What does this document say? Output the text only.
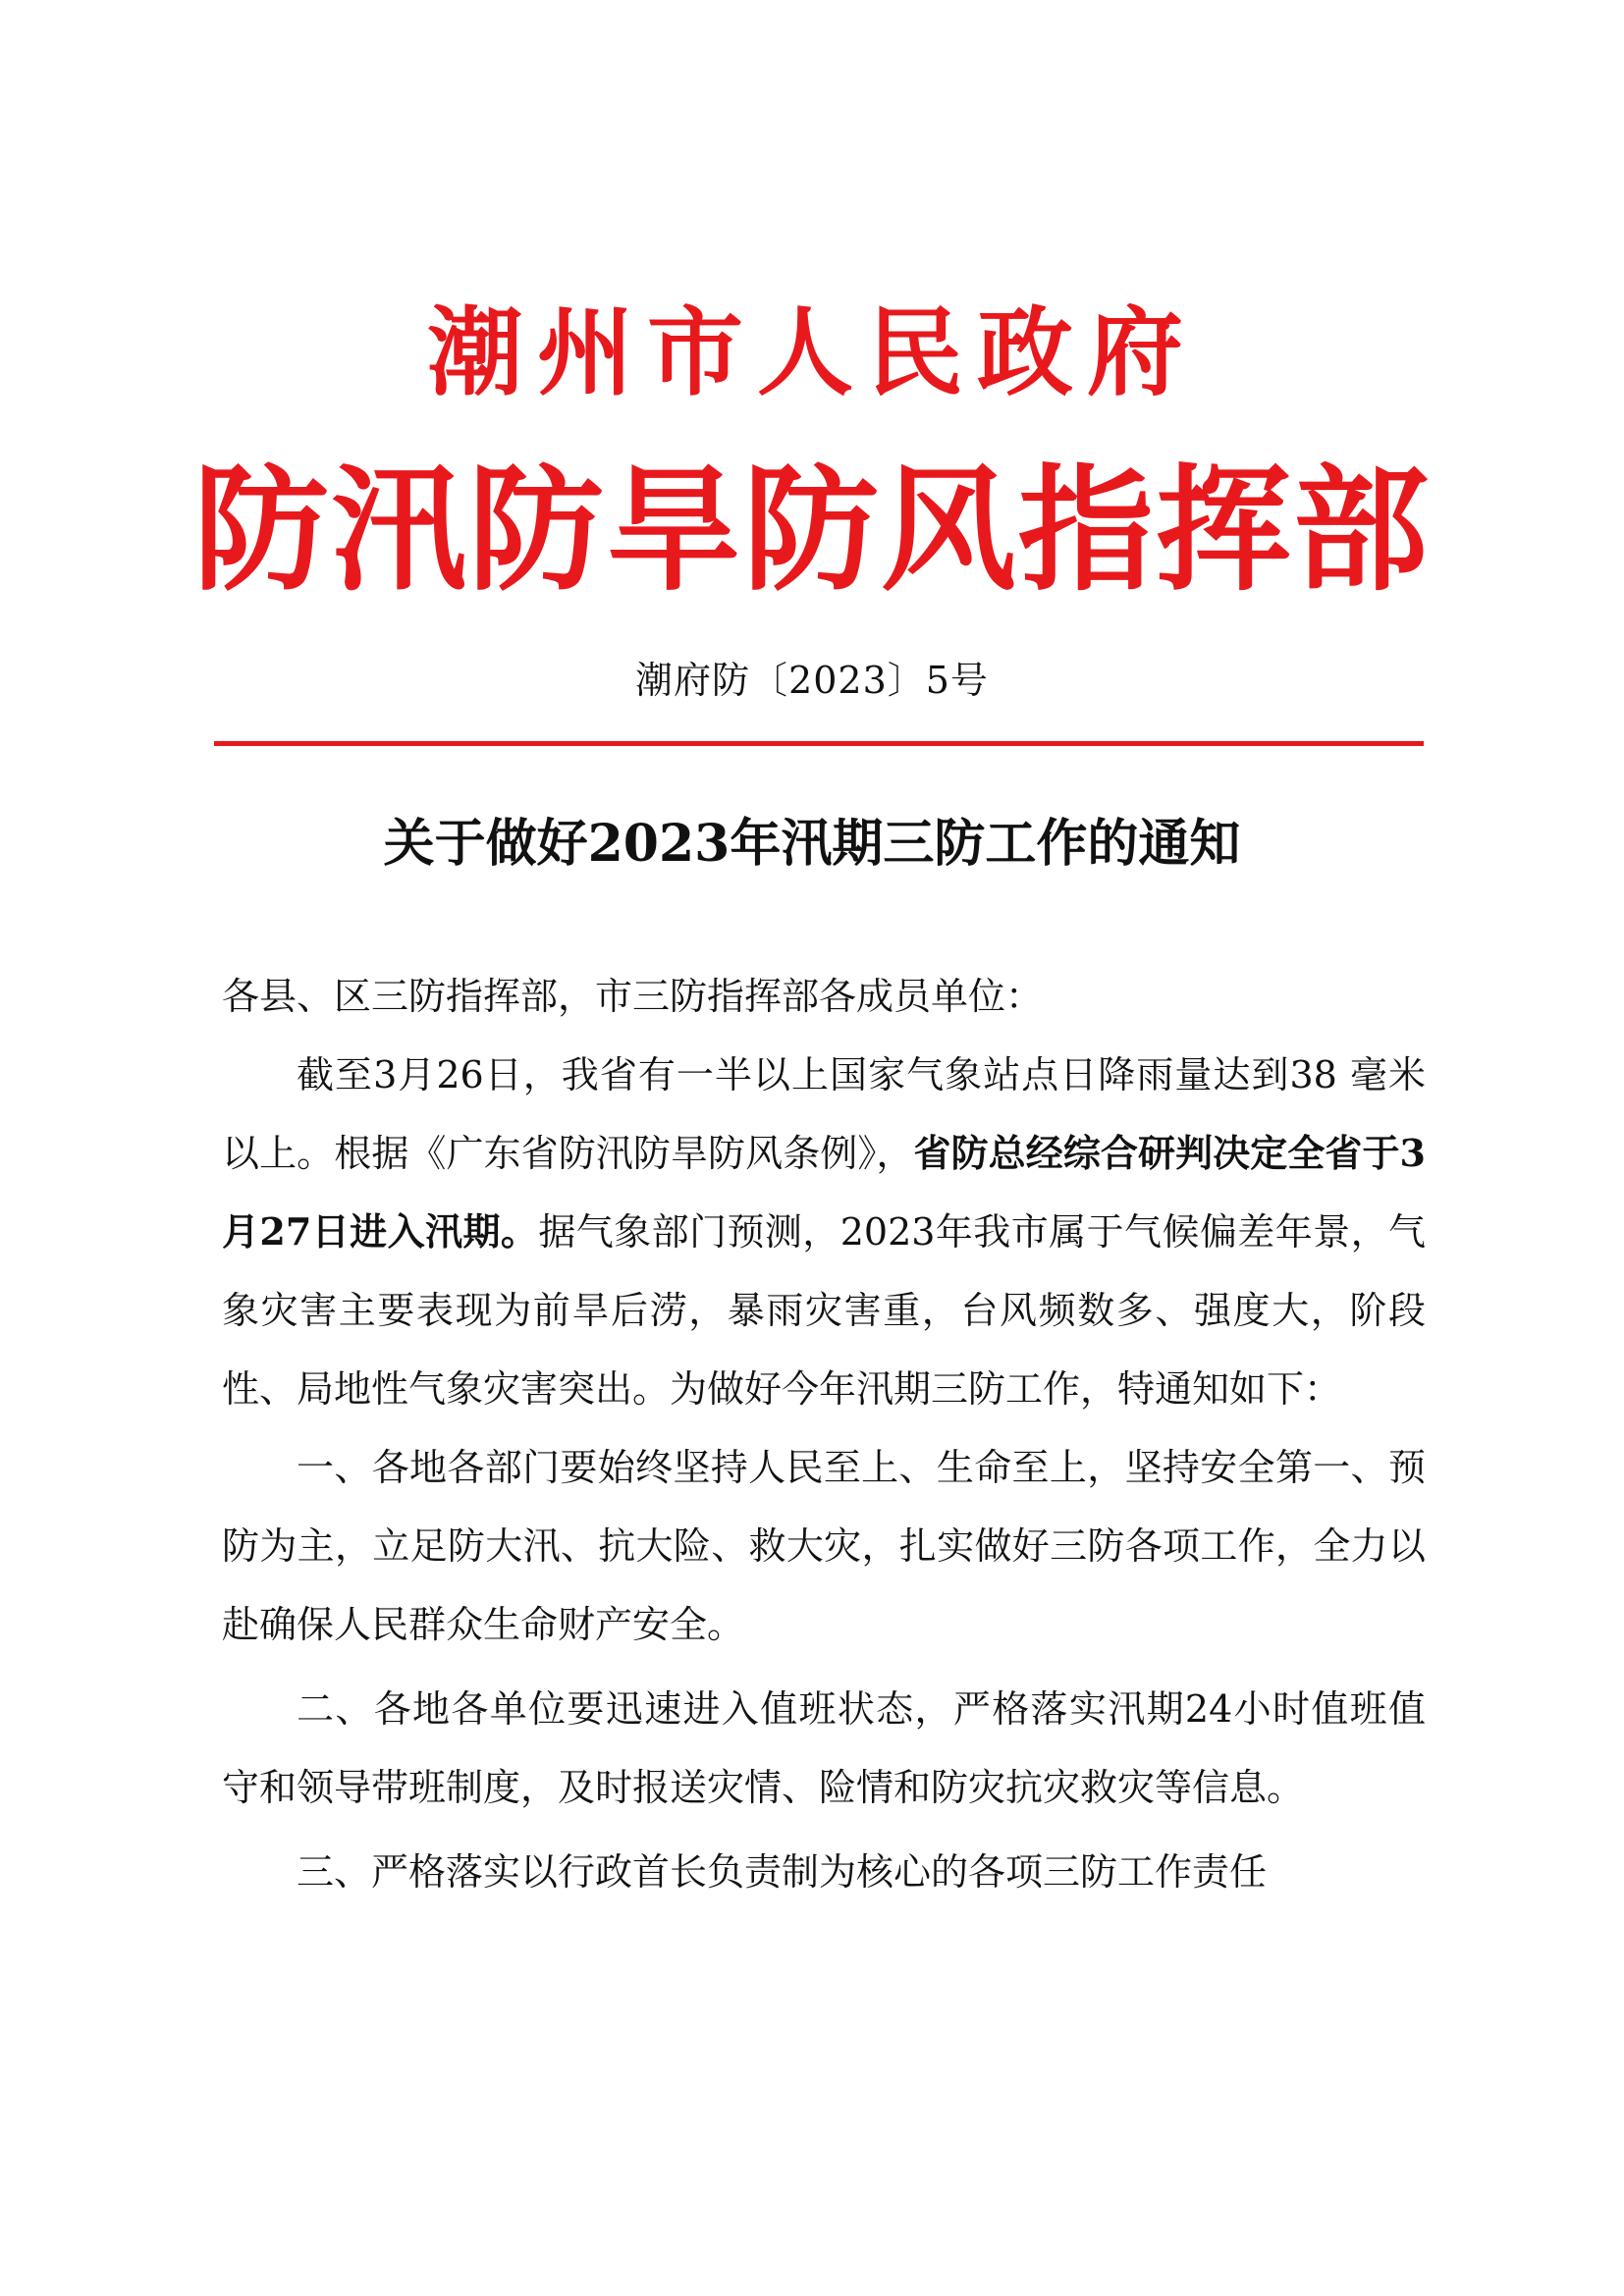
潮州市人民政府
防汛防旱防风指挥部
潮府防〔2023〕5号
关于做好2023年汛期三防工作的通知

各县、区三防指挥部，市三防指挥部各成员单位：

截至3月26日，我省有一半以上国家气象站点日降雨量达到38 毫米以上。根据《广东省防汛防旱防风条例》，省防总经综合研判决定全省于3月27日进入汛期。据气象部门预测，2023年我市属于气候偏差年景，气象灾害主要表现为前旱后涝，暴雨灾害重，台风频数多、强度大，阶段性、局地性气象灾害突出。为做好今年汛期三防工作，特通知如下：

一、各地各部门要始终坚持人民至上、生命至上，坚持安全第一、预防为主，立足防大汛、抗大险、救大灾，扎实做好三防各项工作，全力以赴确保人民群众生命财产安全。

二、各地各单位要迅速进入值班状态，严格落实汛期24小时值班值守和领导带班制度，及时报送灾情、险情和防灾抗灾救灾等信息。

三、严格落实以行政首长负责制为核心的各项三防工作责任
